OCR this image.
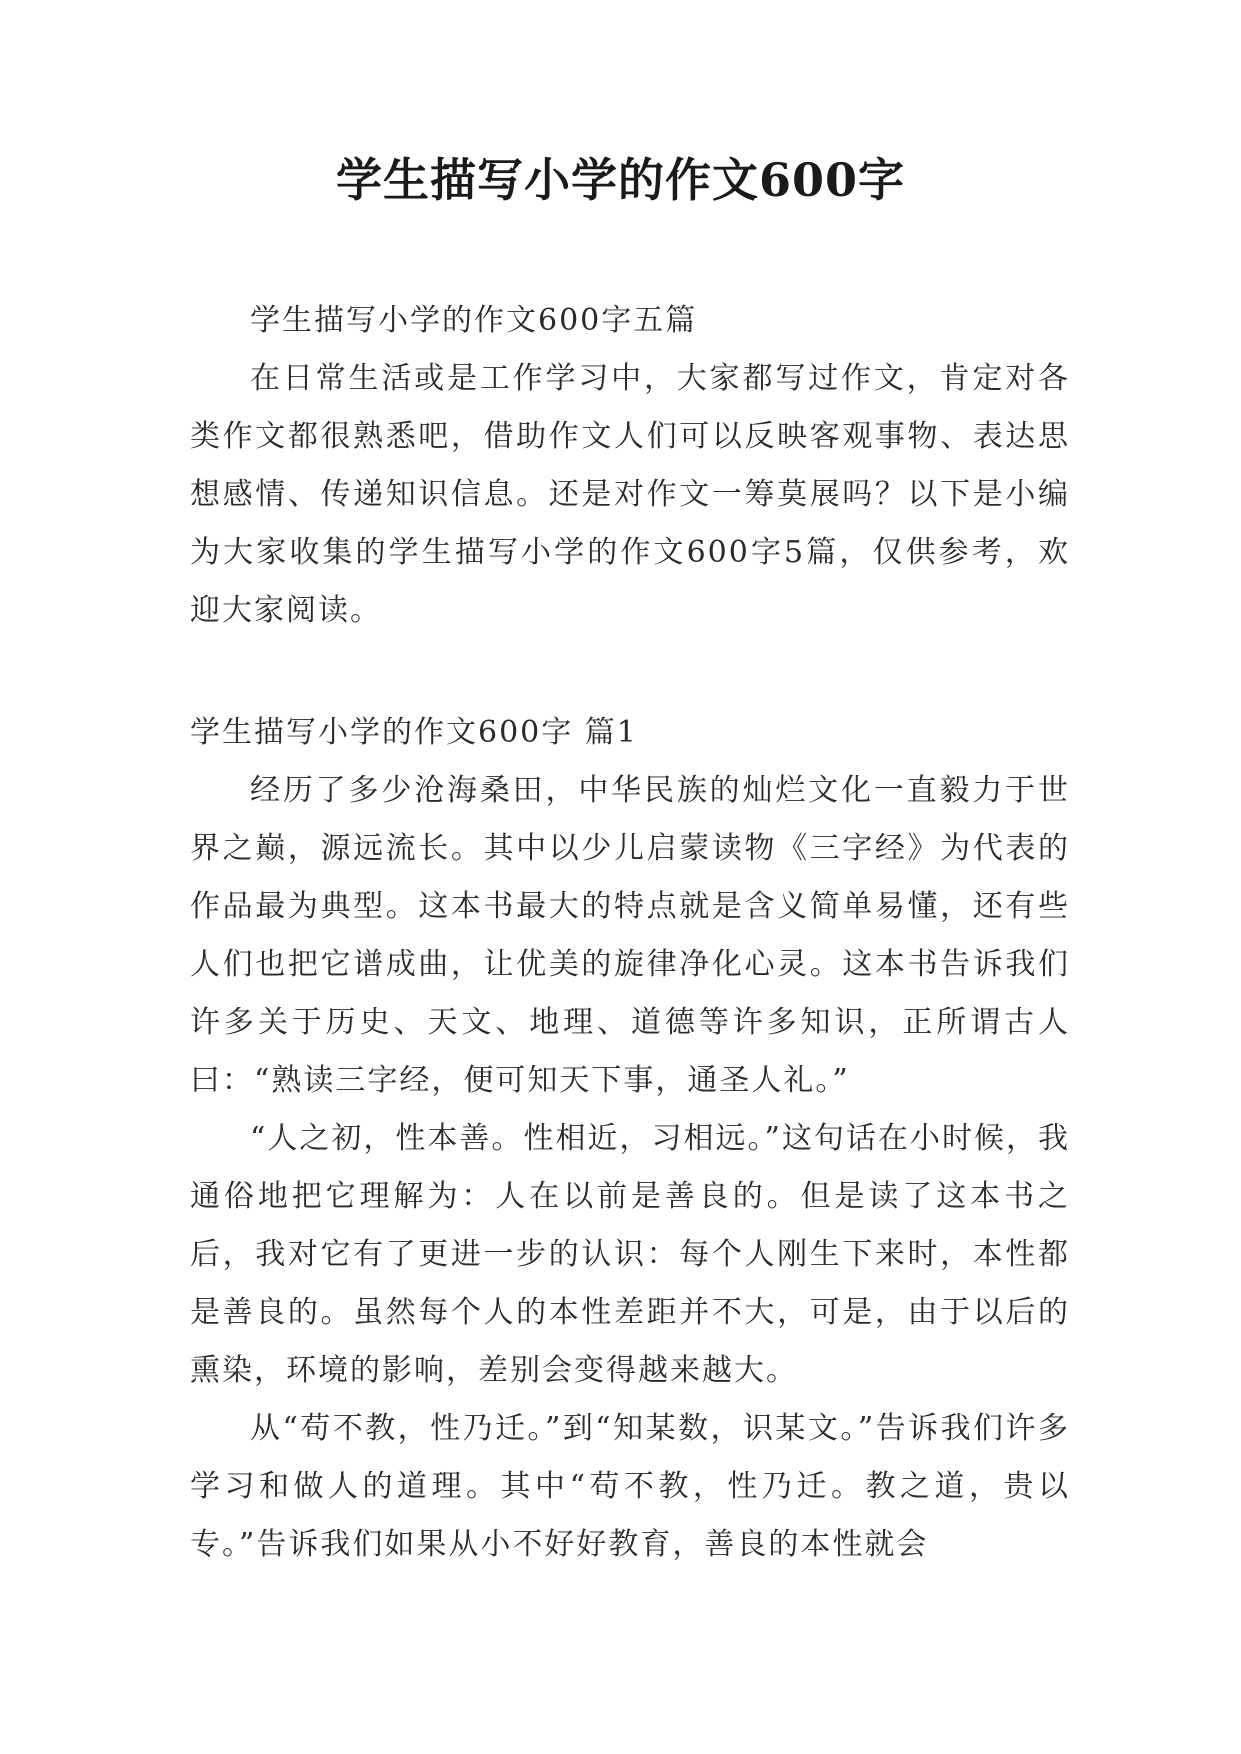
学生描写小学的作文600字

学生描写小学的作文600字五篇

在日常生活或是工作学习中，大家都写过作文，肯定对各类作文都很熟悉吧，借助作文人们可以反映客观事物、表达思想感情、传递知识信息。还是对作文一筹莫展吗？以下是小编为大家收集的学生描写小学的作文600字5篇，仅供参考，欢迎大家阅读。

学生描写小学的作文600字 篇1

经历了多少沧海桑田，中华民族的灿烂文化一直毅力于世界之巅，源远流长。其中以少儿启蒙读物《三字经》为代表的作品最为典型。这本书最大的特点就是含义简单易懂，还有些人们也把它谱成曲，让优美的旋律净化心灵。这本书告诉我们许多关于历史、天文、地理、道德等许多知识，正所谓古人曰：“熟读三字经，便可知天下事，通圣人礼。”

“人之初，性本善。性相近，习相远。”这句话在小时候，我通俗地把它理解为：人在以前是善良的。但是读了这本书之后，我对它有了更进一步的认识：每个人刚生下来时，本性都是善良的。虽然每个人的本性差距并不大，可是，由于以后的熏染，环境的影响，差别会变得越来越大。

从“苟不教，性乃迁。”到“知某数，识某文。”告诉我们许多学习和做人的道理。其中“苟不教，性乃迁。教之道，贵以专。”告诉我们如果从小不好好教育，善良的本性就会
